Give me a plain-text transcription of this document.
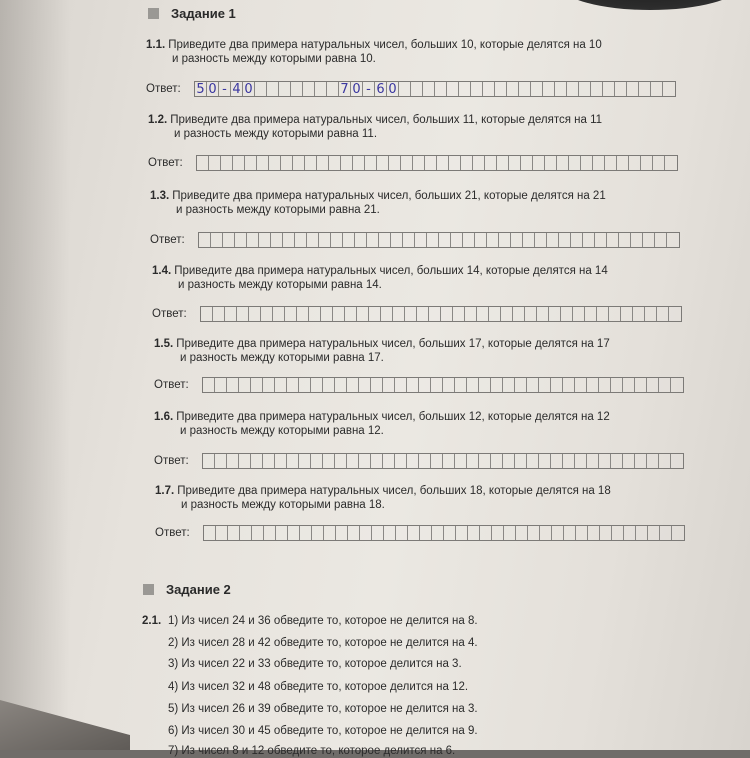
Задание 1
1.1. Приведите два примера натуральных чисел, больших 10, которые делятся на 10
и разность между которыми равна 10.
Ответ:	5 0 - 4 0	7 0 - 6 0
1.2. Приведите два примера натуральных чисел, больших 11, которые делятся на 11
и разность между которыми равна 11.
Ответ:
1.3. Приведите два примера натуральных чисел, больших 21, которые делятся на 21
и разность между которыми равна 21.
Ответ:
1.4. Приведите два примера натуральных чисел, больших 14, которые делятся на 14
и разность между которыми равна 14.
Ответ:
1.5. Приведите два примера натуральных чисел, больших 17, которые делятся на 17
и разность между которыми равна 17.
Ответ:
1.6. Приведите два примера натуральных чисел, больших 12, которые делятся на 12
и разность между которыми равна 12.
Ответ:
1.7. Приведите два примера натуральных чисел, больших 18, которые делятся на 18
и разность между которыми равна 18.
Ответ:
Задание 2
2.1. 1) Из чисел 24 и 36 обведите то, которое не делится на 8.
2) Из чисел 28 и 42 обведите то, которое не делится на 4.
3) Из чисел 22 и 33 обведите то, которое делится на 3.
4) Из чисел 32 и 48 обведите то, которое делится на 12.
5) Из чисел 26 и 39 обведите то, которое не делится на 3.
6) Из чисел 30 и 45 обведите то, которое не делится на 9.
7) Из чисел 8 и 12 обведите то, которое делится на 6.
